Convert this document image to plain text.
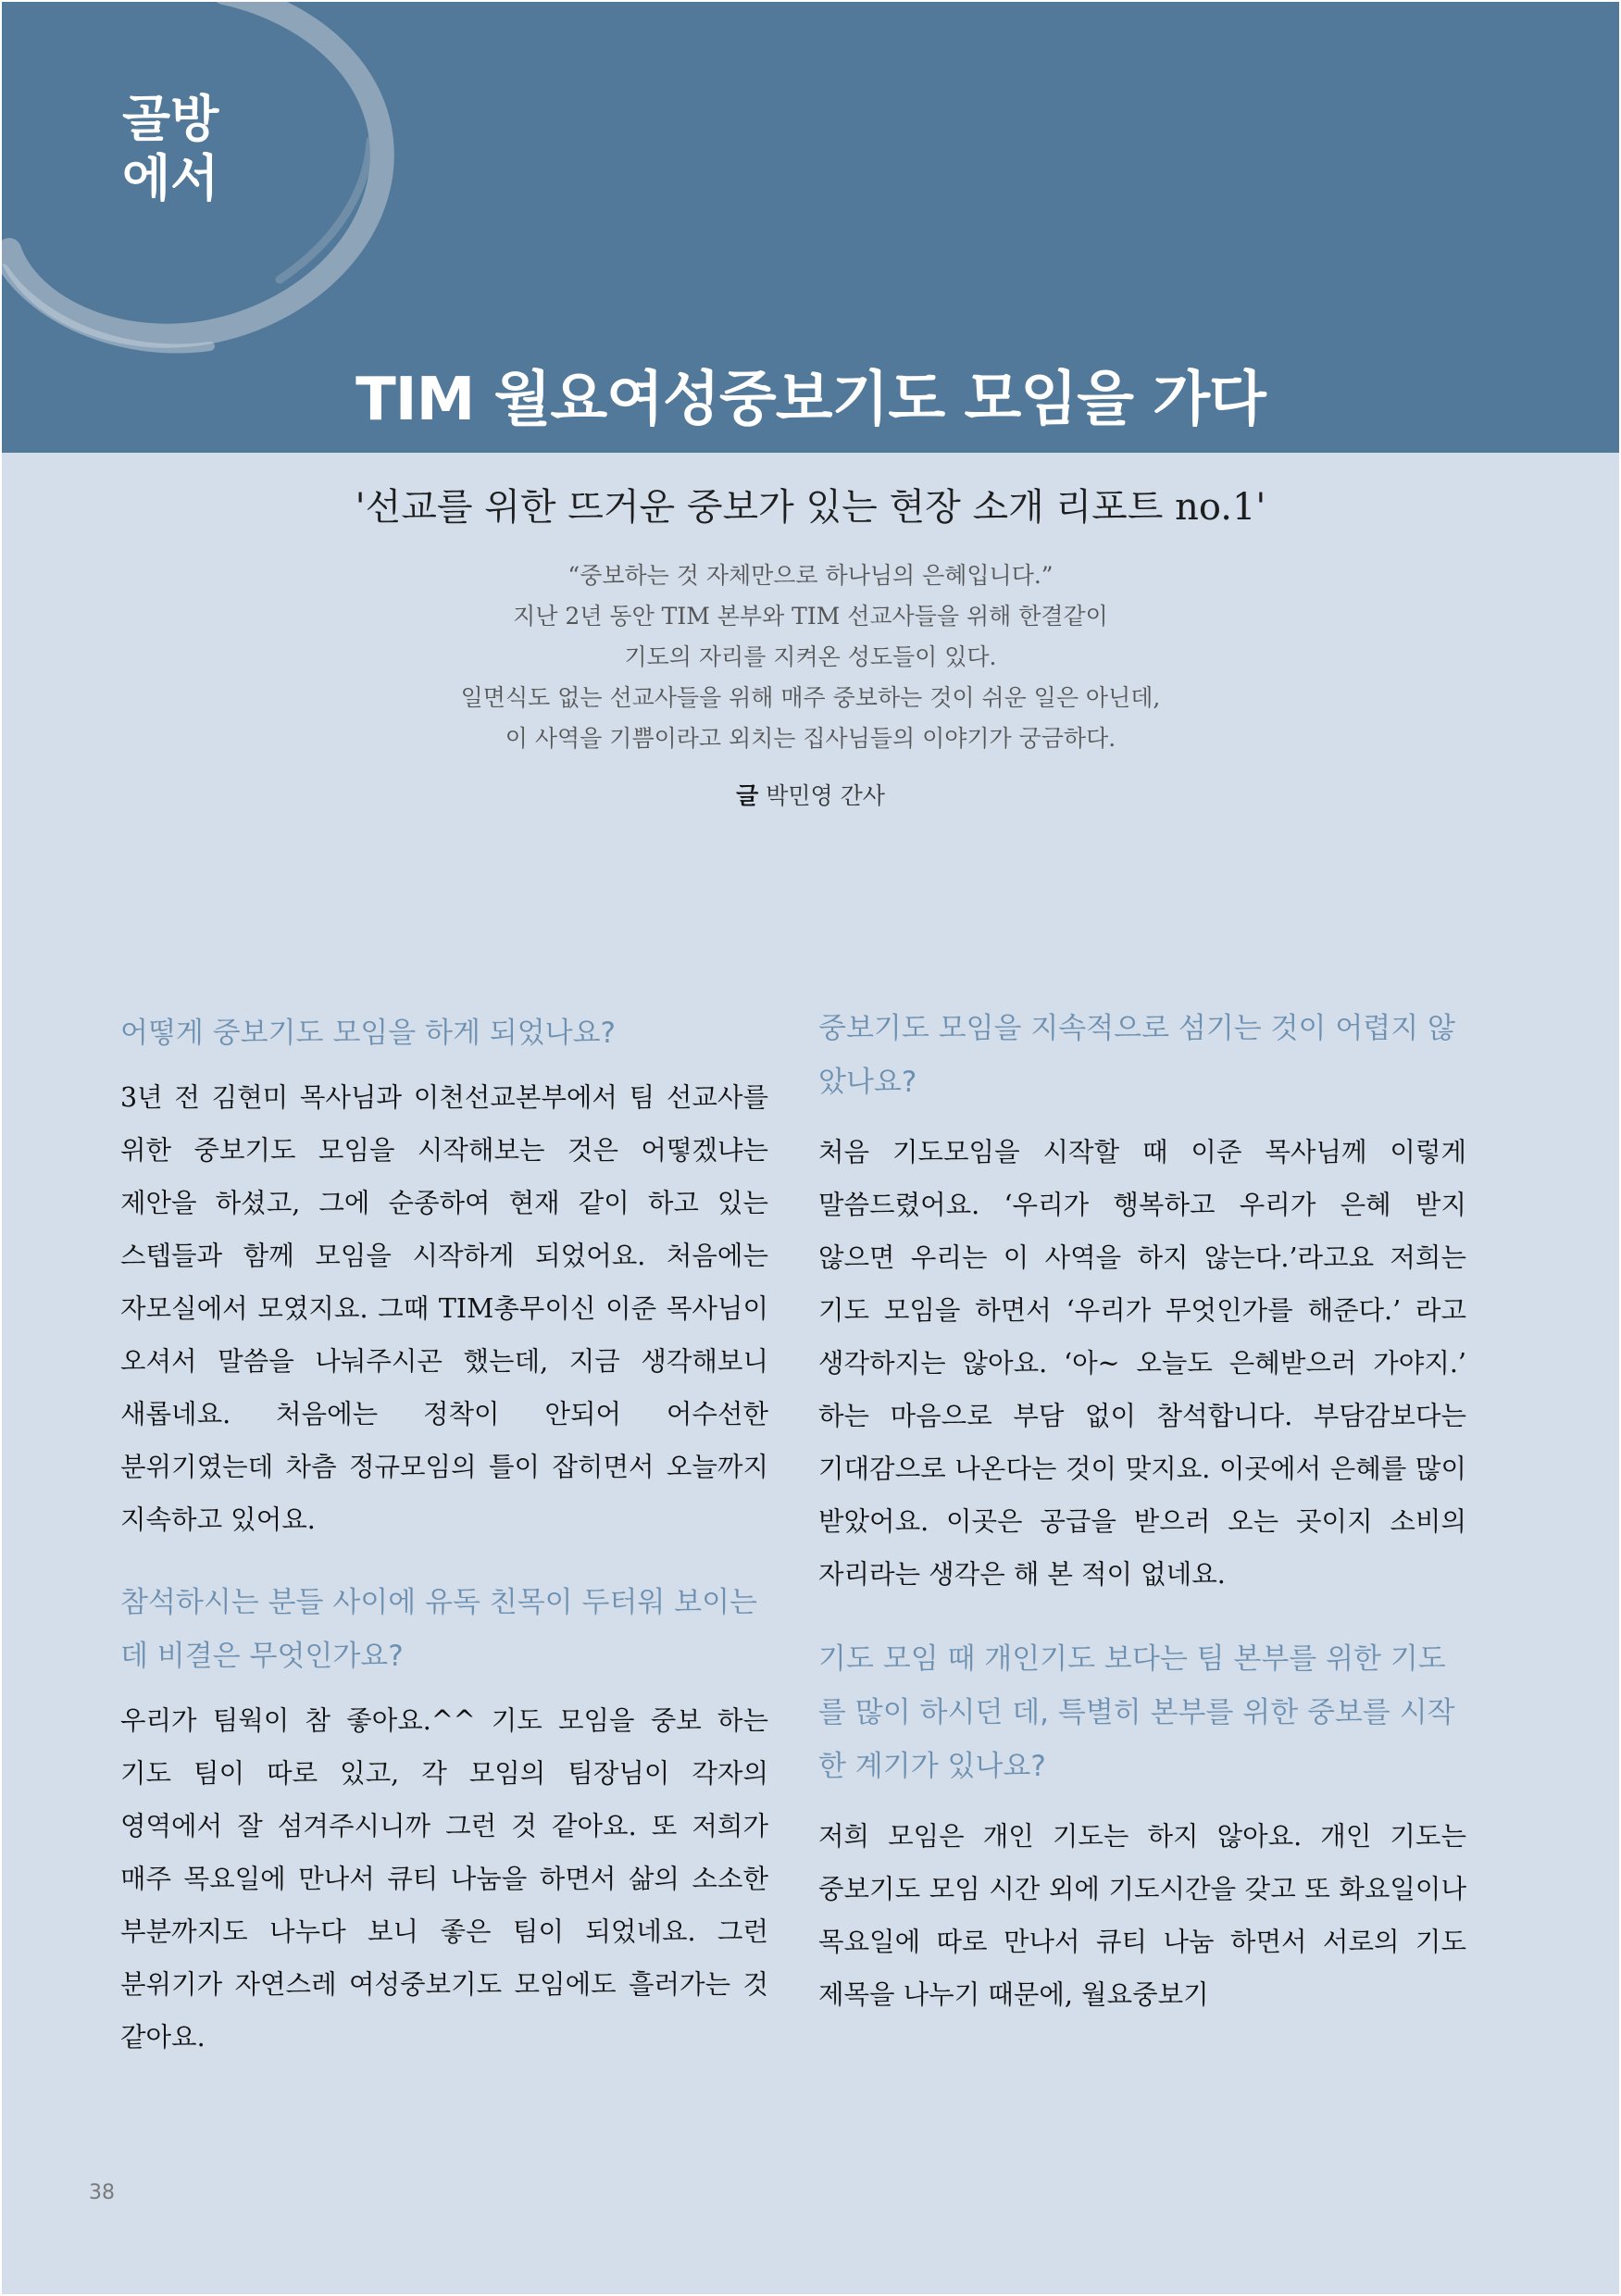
골방
에서
TIM 월요여성중보기도 모임을 가다
'선교를 위한 뜨거운 중보가 있는 현장 소개 리포트 no.1'
“중보하는 것 자체만으로 하나님의 은혜입니다.”
지난 2년 동안 TIM 본부와 TIM 선교사들을 위해 한결같이
기도의 자리를 지켜온 성도들이 있다.
일면식도 없는 선교사들을 위해 매주 중보하는 것이 쉬운 일은 아닌데,
이 사역을 기쁨이라고 외치는 집사님들의 이야기가 궁금하다.
글 박민영 간사

어떻게 중보기도 모임을 하게 되었나요?

3년 전 김현미 목사님과 이천선교본부에서 팀 선교사를 위한 중보기도 모임을 시작해보는 것은 어떻겠냐는 제안을 하셨고, 그에 순종하여 현재 같이 하고 있는 스텝들과 함께 모임을 시작하게 되었어요. 처음에는 자모실에서 모였지요. 그때 TIM총무이신 이준 목사님이 오셔서 말씀을 나눠주시곤 했는데, 지금 생각해보니 새롭네요. 처음에는 정착이 안되어 어수선한 분위기였는데 차츰 정규모임의 틀이 잡히면서 오늘까지 지속하고 있어요.

참석하시는 분들 사이에 유독 친목이 두터워 보이는데 비결은 무엇인가요?

우리가 팀웍이 참 좋아요.^^ 기도 모임을 중보 하는 기도 팀이 따로 있고, 각 모임의 팀장님이 각자의 영역에서 잘 섬겨주시니까 그런 것 같아요. 또 저희가 매주 목요일에 만나서 큐티 나눔을 하면서 삶의 소소한 부분까지도 나누다 보니 좋은 팀이 되었네요. 그런 분위기가 자연스레 여성중보기도 모임에도 흘러가는 것 같아요.

중보기도 모임을 지속적으로 섬기는 것이 어렵지 않았나요?

처음 기도모임을 시작할 때 이준 목사님께 이렇게 말씀드렸어요. ‘우리가 행복하고 우리가 은혜 받지 않으면 우리는 이 사역을 하지 않는다.’라고요 저희는 기도 모임을 하면서 ‘우리가 무엇인가를 해준다.’ 라고 생각하지는 않아요. ‘아~ 오늘도 은혜받으러 가야지.’ 하는 마음으로 부담 없이 참석합니다. 부담감보다는 기대감으로 나온다는 것이 맞지요. 이곳에서 은혜를 많이 받았어요. 이곳은 공급을 받으러 오는 곳이지 소비의 자리라는 생각은 해 본 적이 없네요.

기도 모임 때 개인기도 보다는 팀 본부를 위한 기도를 많이 하시던 데, 특별히 본부를 위한 중보를 시작한 계기가 있나요?

저희 모임은 개인 기도는 하지 않아요. 개인 기도는 중보기도 모임 시간 외에 기도시간을 갖고 또 화요일이나 목요일에 따로 만나서 큐티 나눔 하면서 서로의 기도 제목을 나누기 때문에, 월요중보기

38
